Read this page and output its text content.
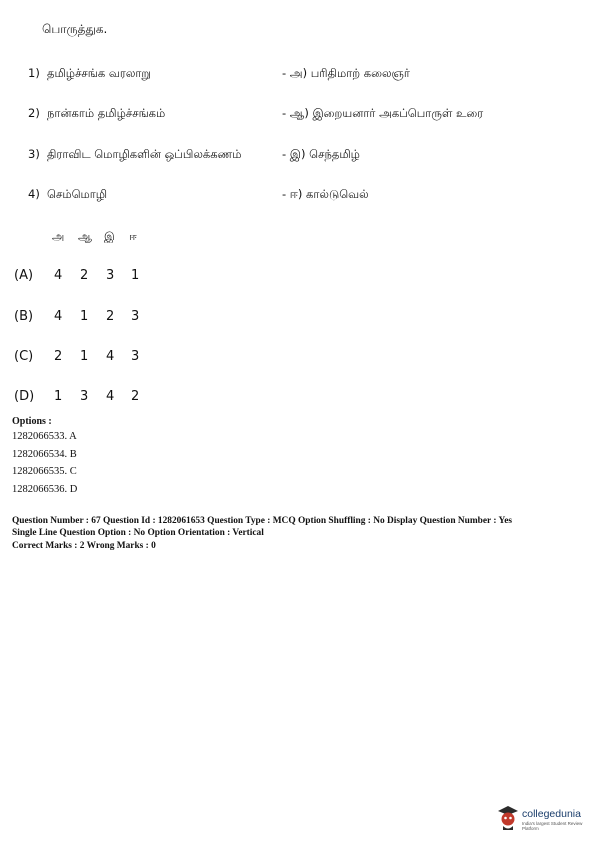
பொருத்துக.
1) தமிழ்ச்சங்க வரலாறு	- அ) பரிதிமாற் கலைஞர்
2) நான்காம் தமிழ்ச்சங்கம்	- ஆ) இறையனார் அகப்பொருள் உரை
3) திராவிட மொழிகளின் ஒப்பிலக்கணம்	- இ) செந்தமிழ்
4) செம்மொழி	- ஈ) கால்டுவெல்
அ ஆ இ ஈ
(A) 4 2 3 1
(B) 4 1 2 3
(C) 2 1 4 3
(D) 1 3 4 2
Options :
1282066533. A
1282066534. B
1282066535. C
1282066536. D
Question Number : 67 Question Id : 1282061653 Question Type : MCQ Option Shuffling : No Display Question Number : Yes
Single Line Question Option : No Option Orientation : Vertical
Correct Marks : 2 Wrong Marks : 0
collegedunia
India's largest Student Review Platform
